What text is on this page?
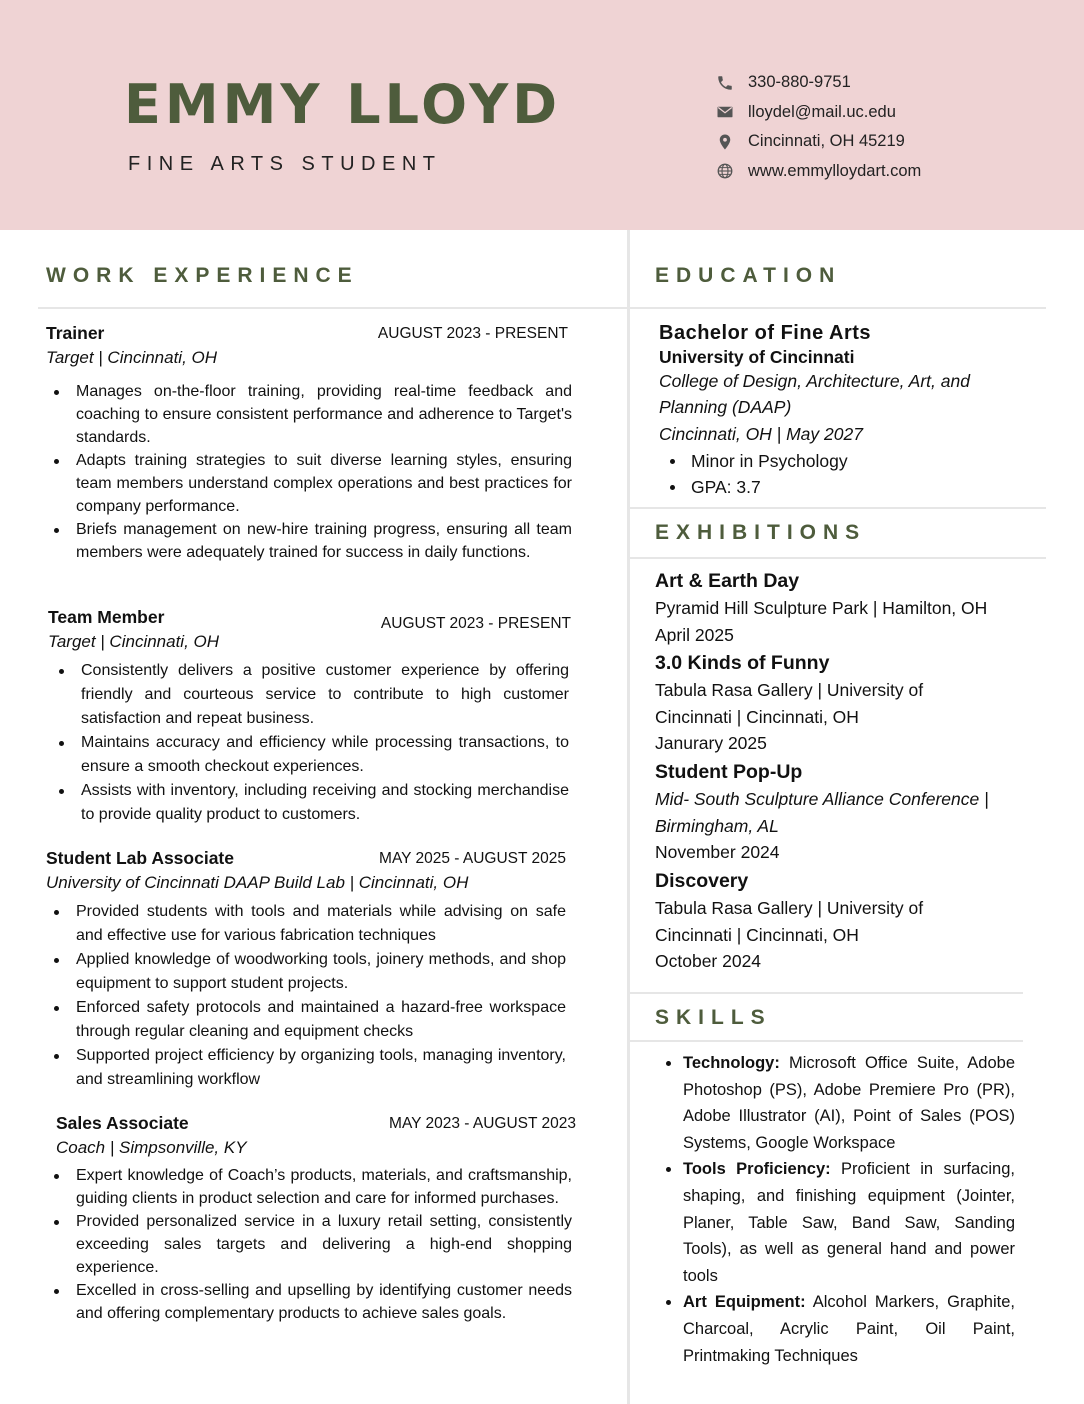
EMMY LLOYD
FINE ARTS STUDENT
330-880-9751
lloydel@mail.uc.edu
Cincinnati, OH 45219
www.emmylloydart.com
WORK EXPERIENCE
Trainer	AUGUST 2023 - PRESENT
Target | Cincinnati, OH
Manages on-the-floor training, providing real-time feedback and coaching to ensure consistent performance and adherence to Target's standards.
Adapts training strategies to suit diverse learning styles, ensuring team members understand complex operations and best practices for company performance.
Briefs management on new-hire training progress, ensuring all team members were adequately trained for success in daily functions.
Team Member	AUGUST 2023 - PRESENT
Target | Cincinnati, OH
Consistently delivers a positive customer experience by offering friendly and courteous service to contribute to high customer satisfaction and repeat business.
Maintains accuracy and efficiency while processing transactions, to ensure a smooth checkout experiences.
Assists with inventory, including receiving and stocking merchandise to provide quality product to customers.
Student Lab Associate	MAY 2025 - AUGUST 2025
University of Cincinnati DAAP Build Lab | Cincinnati, OH
Provided students with tools and materials while advising on safe and effective use for various fabrication techniques
Applied knowledge of woodworking tools, joinery methods, and shop equipment to support student projects.
Enforced safety protocols and maintained a hazard-free workspace through regular cleaning and equipment checks
Supported project efficiency by organizing tools, managing inventory, and streamlining workflow
Sales Associate	MAY 2023 - AUGUST 2023
Coach | Simpsonville, KY
Expert knowledge of Coach’s products, materials, and craftsmanship, guiding clients in product selection and care for informed purchases.
Provided personalized service in a luxury retail setting, consistently exceeding sales targets and delivering a high-end shopping experience.
Excelled in cross-selling and upselling by identifying customer needs and offering complementary products to achieve sales goals.
EDUCATION
Bachelor of Fine Arts
University of Cincinnati
College of Design, Architecture, Art, and Planning (DAAP)
Cincinnati, OH | May 2027
Minor in Psychology
GPA: 3.7
EXHIBITIONS
Art & Earth Day
Pyramid Hill Sculpture Park | Hamilton, OH
April 2025
3.0 Kinds of Funny
Tabula Rasa Gallery | University of Cincinnati | Cincinnati, OH
Janurary 2025
Student Pop-Up
Mid- South Sculpture Alliance Conference | Birmingham, AL
November 2024
Discovery
Tabula Rasa Gallery | University of Cincinnati | Cincinnati, OH
October 2024
SKILLS
Technology: Microsoft Office Suite, Adobe Photoshop (PS), Adobe Premiere Pro (PR), Adobe Illustrator (AI), Point of Sales (POS) Systems, Google Workspace
Tools Proficiency: Proficient in surfacing, shaping, and finishing equipment (Jointer, Planer, Table Saw, Band Saw, Sanding Tools), as well as general hand and power tools
Art Equipment: Alcohol Markers, Graphite, Charcoal, Acrylic Paint, Oil Paint, Printmaking Techniques
